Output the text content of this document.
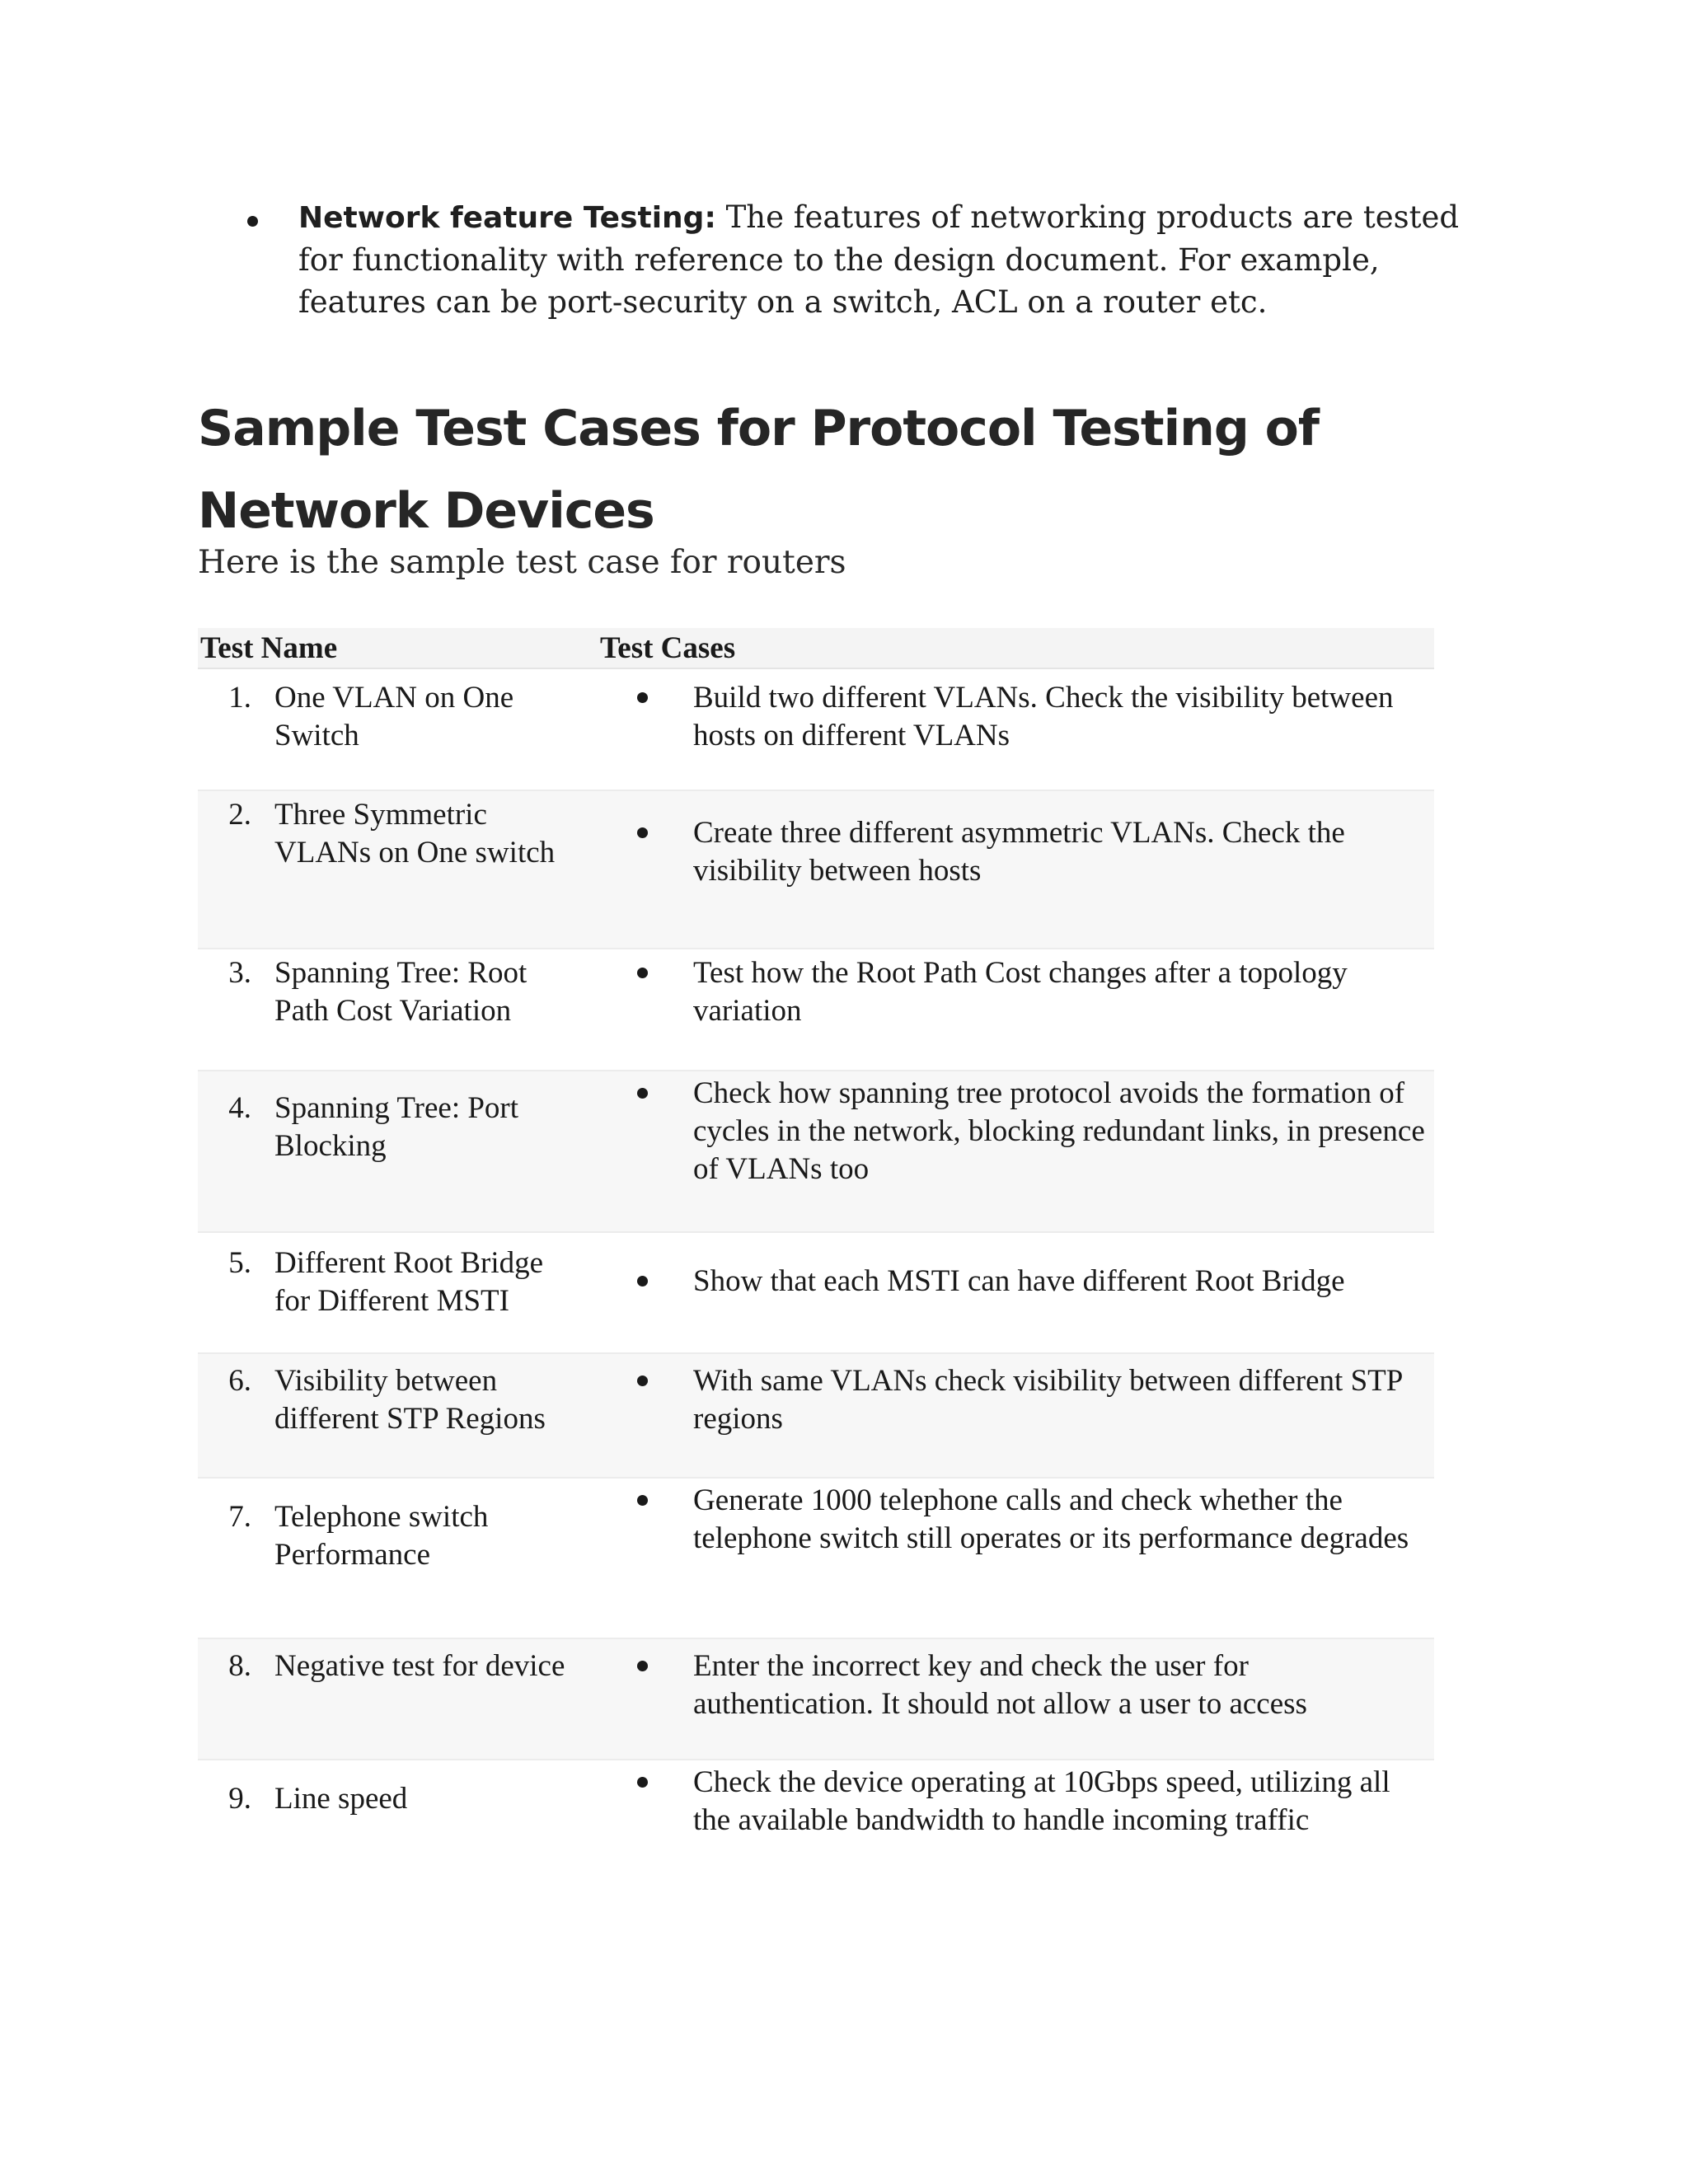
Network feature Testing: The features of networking products are tested for functionality with reference to the design document. For example, features can be port-security on a switch, ACL on a router etc.
Sample Test Cases for Protocol Testing of Network Devices

Here is the sample test case for routers

Test Name	Test Cases

1. One VLAN on One Switch	Build two different VLANs. Check the visibility between hosts on different VLANs

2. Three Symmetric VLANs on One switch	Create three different asymmetric VLANs. Check the visibility between hosts

3. Spanning Tree: Root Path Cost Variation	Test how the Root Path Cost changes after a topology variation

4. Spanning Tree: Port Blocking	Check how spanning tree protocol avoids the formation of cycles in the network, blocking redundant links, in presence of VLANs too

5. Different Root Bridge for Different MSTI	Show that each MSTI can have different Root Bridge

6. Visibility between different STP Regions	With same VLANs check visibility between different STP regions

7. Telephone switch Performance	Generate 1000 telephone calls and check whether the telephone switch still operates or its performance degrades

8. Negative test for device	Enter the incorrect key and check the user for authentication. It should not allow a user to access

9. Line speed	Check the device operating at 10Gbps speed, utilizing all the available bandwidth to handle incoming traffic
